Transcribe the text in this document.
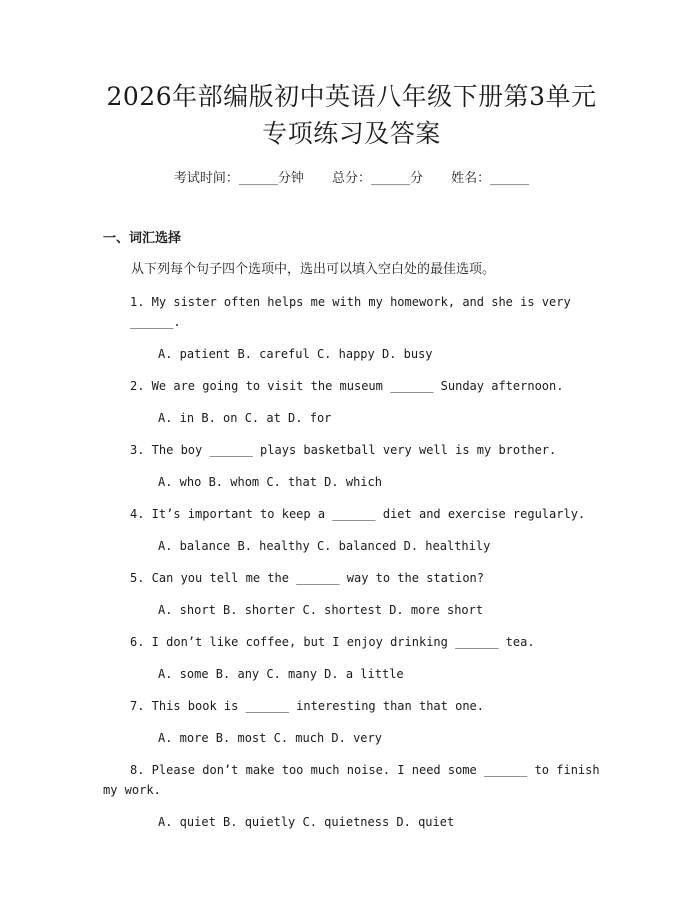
2026年部编版初中英语八年级下册第3单元
专项练习及答案
考试时间：______分钟 总分：______分 姓名：______
一、词汇选择
从下列每个句子四个选项中，选出可以填入空白处的最佳选项。
1. My sister often helps me with my homework, and she is very ______.
A. patient B. careful C. happy D. busy
2. We are going to visit the museum ______ Sunday afternoon.
A. in B. on C. at D. for
3. The boy ______ plays basketball very well is my brother.
A. who B. whom C. that D. which
4. It’s important to keep a ______ diet and exercise regularly.
A. balance B. healthy C. balanced D. healthily
5. Can you tell me the ______ way to the station?
A. short B. shorter C. shortest D. more short
6. I don’t like coffee, but I enjoy drinking ______ tea.
A. some B. any C. many D. a little
7. This book is ______ interesting than that one.
A. more B. most C. much D. very
8. Please don’t make too much noise. I need some ______ to finish my work.
A. quiet B. quietly C. quietness D. quiet
